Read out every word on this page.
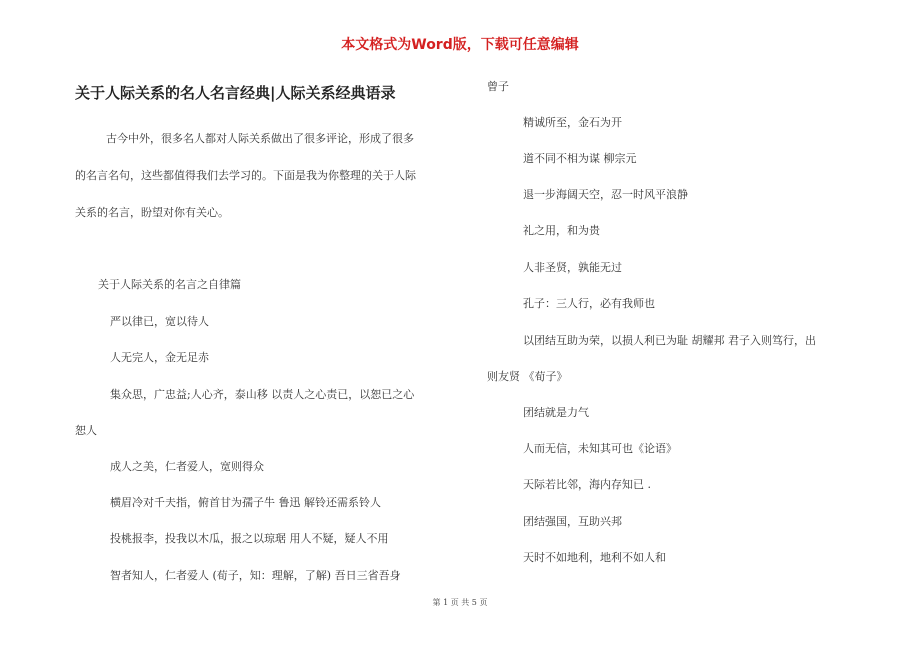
本文格式为Word版，下载可任意编辑
关于人际关系的名人名言经典|人际关系经典语录
古今中外，很多名人都对人际关系做出了很多评论，形成了很多
的名言名句，这些都值得我们去学习的。下面是我为你整理的关于人际
关系的名言，盼望对你有关心。
关于人际关系的名言之自律篇
严以律已，宽以待人
人无完人，金无足赤
集众思，广忠益;人心齐，泰山移 以责人之心责已，以恕已之心
恕人
成人之美，仁者爱人，宽则得众
横眉冷对千夫指，俯首甘为孺子牛 鲁迅 解铃还需系铃人
投桃报李，投我以木瓜，报之以琼琚 用人不疑，疑人不用
智者知人，仁者爱人 (荀子，知：理解，了解) 吾日三省吾身
曾子
精诚所至，金石为开
道不同不相为谋 柳宗元
退一步海阔天空，忍一时风平浪静
礼之用，和为贵
人非圣贤，孰能无过
孔子：三人行，必有我师也
以团结互助为荣，以损人利已为耻 胡耀邦 君子入则笃行，出
则友贤 《荀子》
团结就是力气
人而无信，未知其可也《论语》
天际若比邻，海内存知已 .
团结强国，互助兴邦
天时不如地利，地利不如人和
第 1 页 共 5 页
